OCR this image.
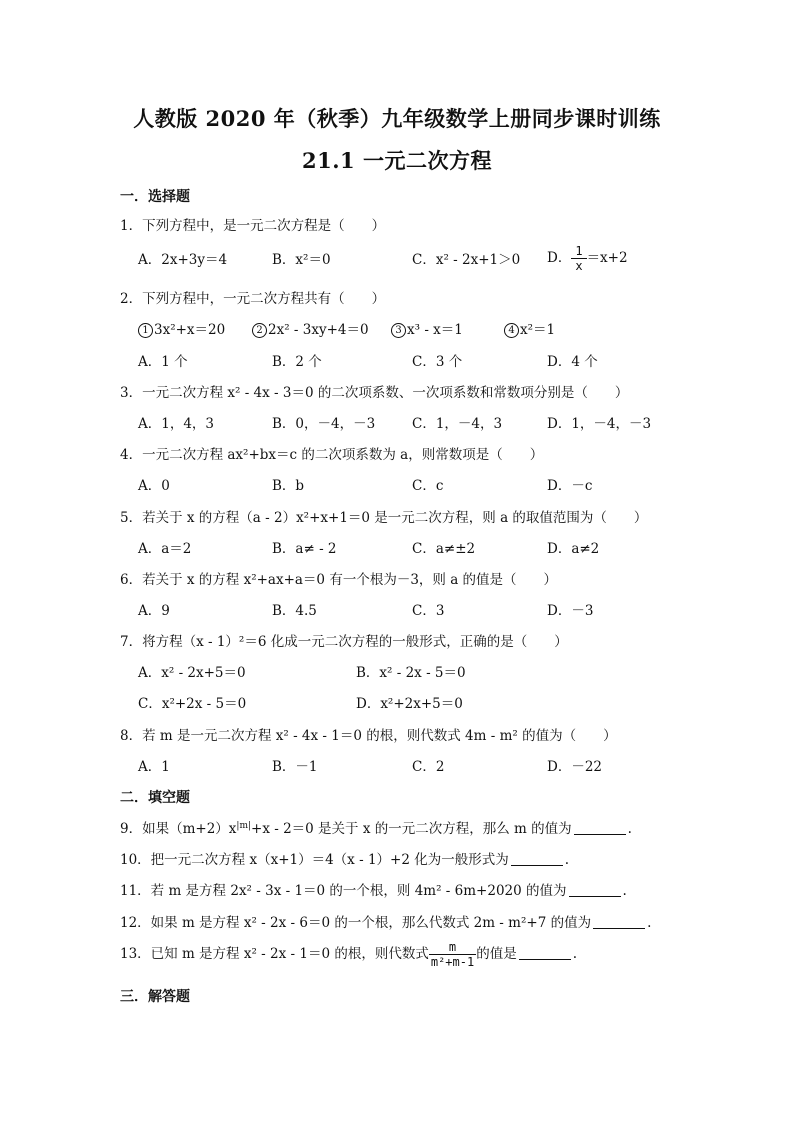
人教版 2020 年（秋季）九年级数学上册同步课时训练
21.1 一元二次方程
一．选择题
1．下列方程中，是一元二次方程是（　　）
A．2x+3y＝4	B．x²＝0	C．x² - 2x+1＞0 D． $\frac{1}{x} =x+2$
2．下列方程中，一元二次方程共有（　　）
1 3x²+x＝20	2 2x² - 3xy+4＝0	3 x³ - x＝1	4 x²＝1
A．1 个	B．2 个	C．3 个	D．4 个
3．一元二次方程 x² - 4x - 3＝0 的二次项系数、一次项系数和常数项分别是（　　）
A．1，4，3	B．0，－4，－3	C．1，－4，3	D．1，－4，－3
4．一元二次方程 ax²+bx＝c 的二次项系数为 a，则常数项是（　　）
A．0	B．b	C．c	D．－c
5．若关于 x 的方程（a - 2）x²+x+1＝0 是一元二次方程，则 a 的取值范围为（　　）
A．a＝2	B．a≠ - 2	C．a≠±2	D．a≠2
6．若关于 x 的方程 x²+ax+a＝0 有一个根为－3，则 a 的值是（　　）
A．9	B．4.5	C．3	D．－3
7．将方程（x - 1）²＝6 化成一元二次方程的一般形式，正确的是（　　）
A．x² - 2x+5＝0	B．x² - 2x - 5＝0
C．x²+2x - 5＝0	D．x²+2x+5＝0
8．若 m 是一元二次方程 x² - 4x - 1＝0 的根，则代数式 4m - m² 的值为（　　）
A．1	B．－1	C．2	D．－22
二．填空题
9．如果$(m+2)x^{|m|}+x - 2=0$ 是关于 x 的一元二次方程，那么 m 的值为	.
10．把一元二次方程 x（x+1）＝4（x - 1）+2 化为一般形式为	.
11．若 m 是方程 2x² - 3x - 1＝0 的一个根，则 4m² - 6m+2020 的值为	.
12．如果 m 是方程 x² - 2x - 6＝0 的一个根，那么代数式 2m - m²+7 的值为	.
13．已知 m 是方程 x² - 2x - 1＝0 的根，则代数式 $\frac{m}{\text{m²+m-1}}$ 的值是	.
三．解答题
